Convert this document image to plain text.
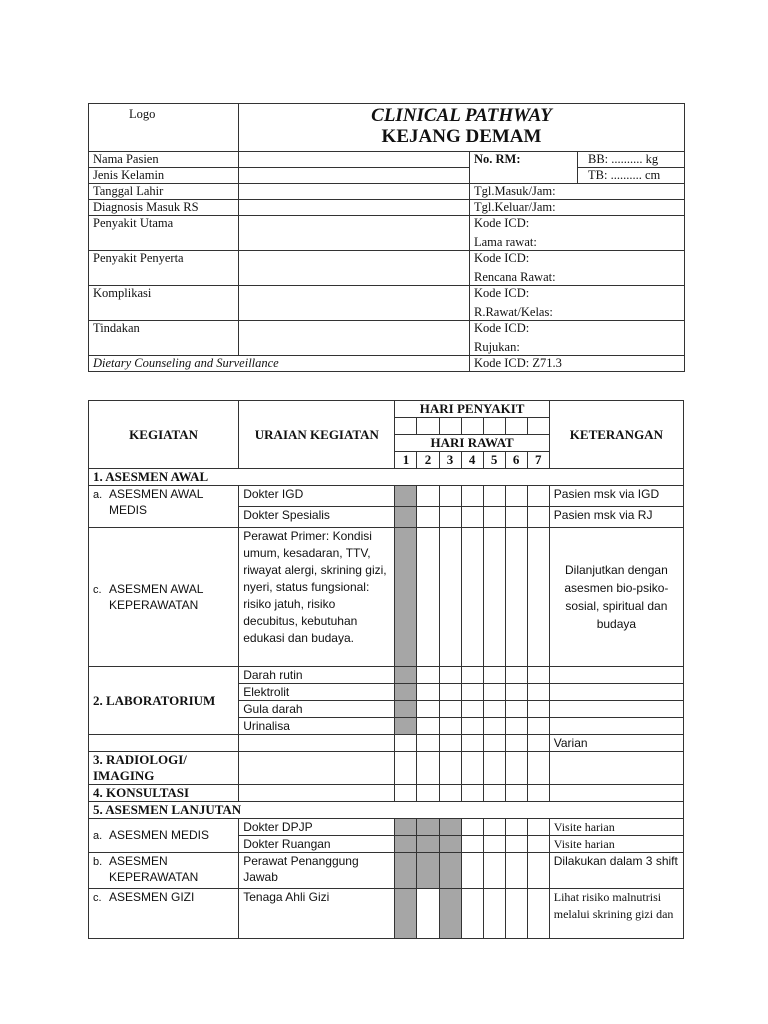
Logo	CLINICAL PATHWAY
KEJANG DEMAM		

Nama Pasien		No. RM:	BB: .......... kg
Jenis Kelamin			TB: .......... cm
Tanggal Lahir		Tgl.Masuk/Jam:	
Diagnosis Masuk RS		Tgl.Keluar/Jam:	
Penyakit Utama		Kode ICD:
Lama rawat:	

Penyakit Penyerta		Kode ICD:
Rencana Rawat:	

Komplikasi		Kode ICD:
R.Rawat/Kelas:	

Tindakan		Kode ICD:
Rujukan:	

Dietary Counseling and Surveillance		Kode ICD: Z71.3	
KEGIATAN	URAIAN KEGIATAN	HARI PENYAKIT							KETERANGAN

		HARI RAWAT							
		1	2	3	4	5	6	7	
1. ASESMEN AWAL									

a. ASESMEN AWAL MEDIS	Dokter IGD								Pasien msk via IGD
	Dokter Spesialis								Pasien msk via RJ

c. ASESMEN AWAL KEPERAWATAN	Perawat Primer: Kondisi umum, kesadaran, TTV, riwayat alergi, skrining gizi, nyeri, status fungsional: risiko jatuh, risiko decubitus, kebutuhan edukasi dan budaya.								Dilanjutkan dengan asesmen bio-psiko-sosial, spiritual dan budaya
2. LABORATORIUM	Darah rutin								
	Elektrolit								
	Gula darah								
	Urinalisa								
									Varian
3. RADIOLOGI/ IMAGING									
4. KONSULTASI									
5. ASESMEN LANJUTAN									

a. ASESMEN MEDIS	Dokter DPJP								Visite harian
	Dokter Ruangan								Visite harian

b. ASESMEN KEPERAWATAN	Perawat Penanggung Jawab								Dilakukan dalam 3 shift

c. ASESMEN GIZI	Tenaga Ahli Gizi								Lihat risiko malnutrisi melalui skrining gizi dan
